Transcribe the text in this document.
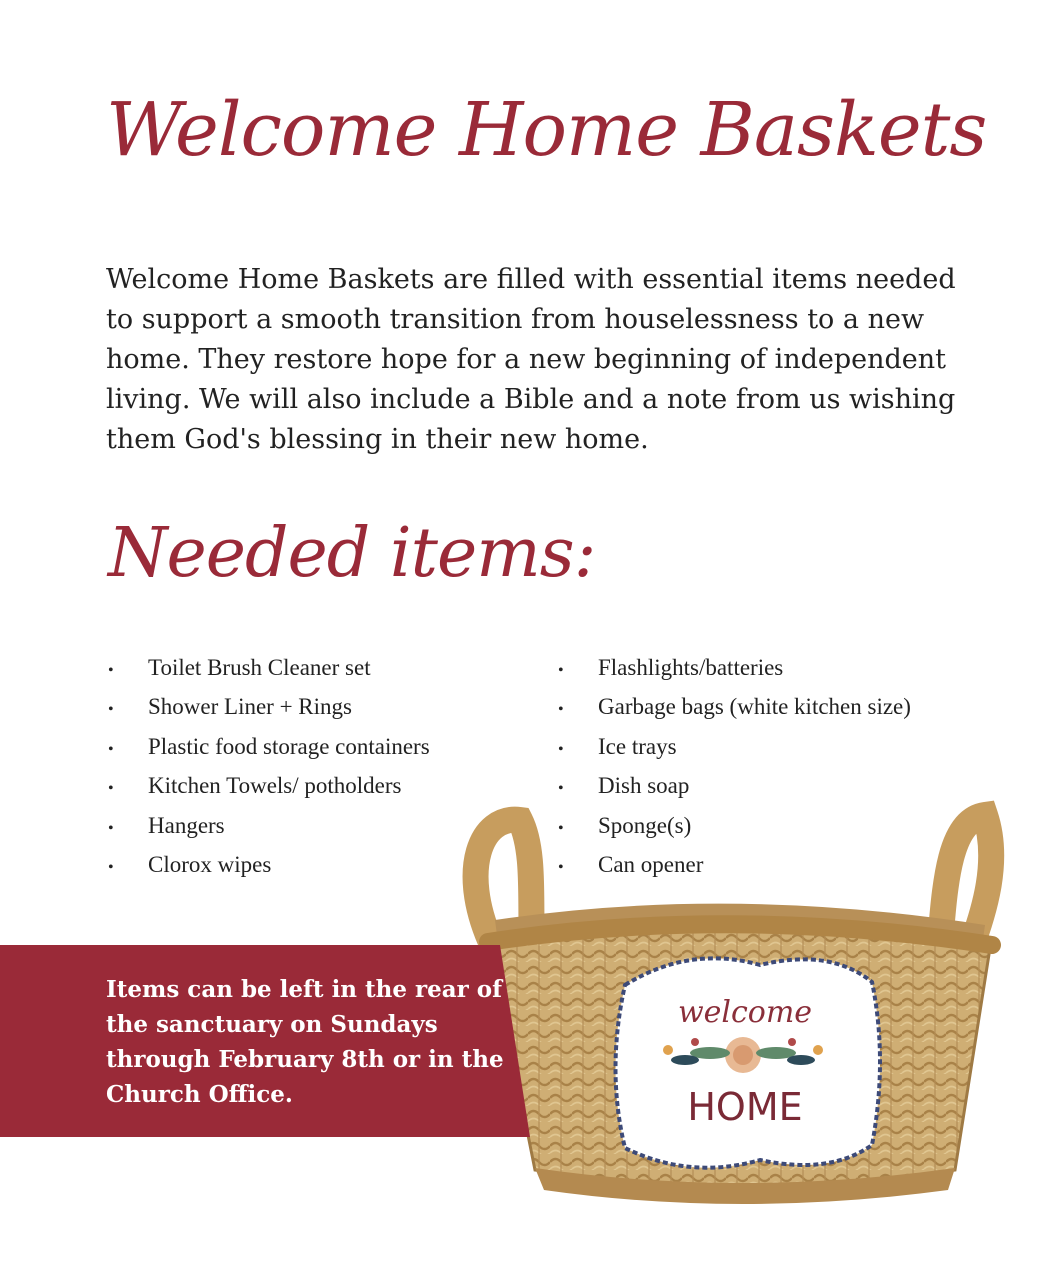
Welcome Home Baskets
Welcome Home Baskets are filled with essential items needed to support a smooth transition from houselessness to a new home. They restore hope for a new beginning of independent living. We will also include a Bible and a note from us wishing them God's blessing in their new home.
Needed items:
•	Toilet Brush Cleaner set
•	Shower Liner + Rings
•	Plastic food storage containers
•	Kitchen Towels/ potholders
•	Hangers
•	Clorox wipes
•	Flashlights/batteries
•	Garbage bags (white kitchen size)
•	Ice trays
•	Dish soap
•	Sponge(s)
•	Can opener
welcome
HOME
Items can be left in the rear of the sanctuary on Sundays through February 8th or in the Church Office.
